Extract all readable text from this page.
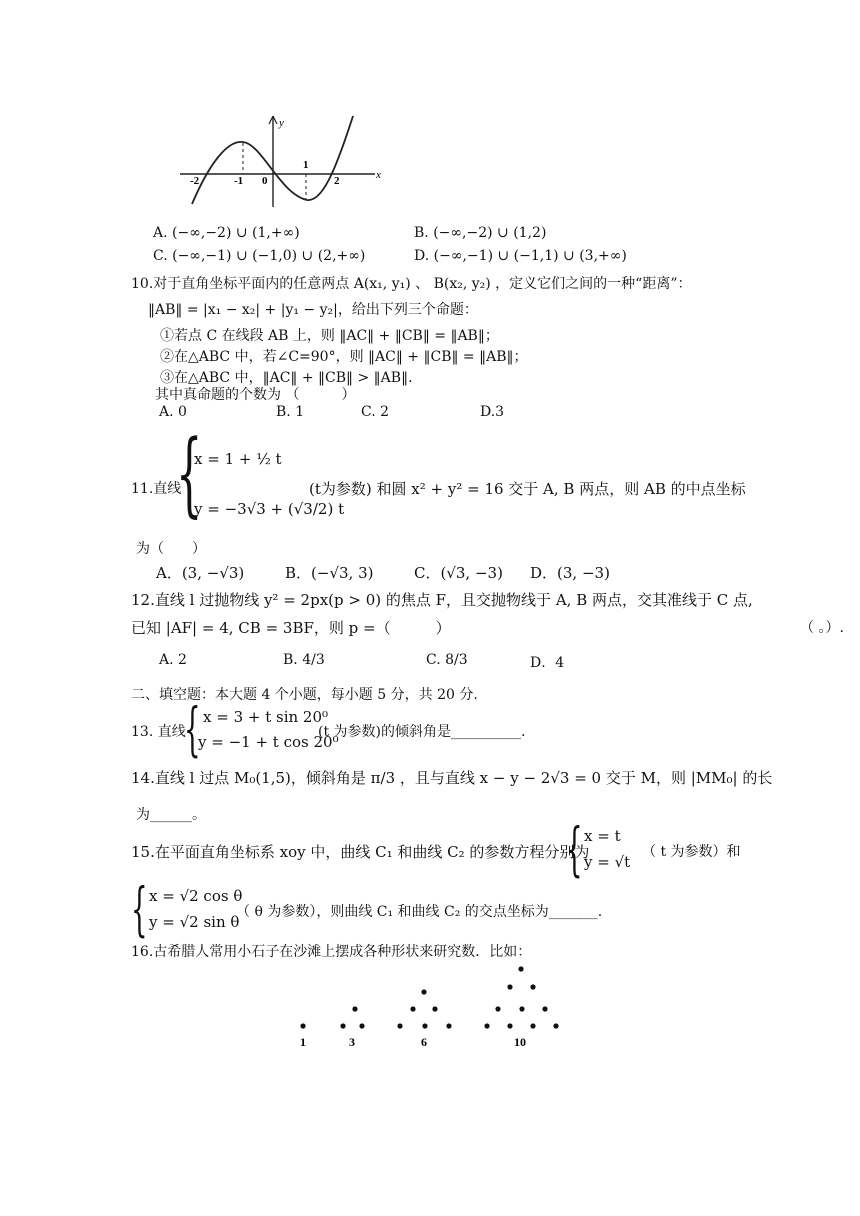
y
x
-2	-1 0
1
2
A. (−∞,−2) ∪ (1,+∞)	B. (−∞,−2) ∪ (1,2)
C. (−∞,−1) ∪ (−1,0) ∪ (2,+∞)	D. (−∞,−1) ∪ (−1,1) ∪ (3,+∞)
10.对于直角坐标平面内的任意两点 A(x₁, y₁) 、 B(x₂, y₂) ，定义它们之间的一种“距离”：
‖AB‖ = |x₁ − x₂| + |y₁ − y₂|，给出下列三个命题：
①若点 C 在线段 AB 上，则 ‖AC‖ + ‖CB‖ = ‖AB‖；
②在△ABC 中，若∠C=90°，则 ‖AC‖ + ‖CB‖ = ‖AB‖；
③在△ABC 中，‖AC‖ + ‖CB‖ > ‖AB‖.
其中真命题的个数为 （　　　）
A. 0	B. 1	C. 2	D.3
11.直线
{
x = 1 + ½ t
y = −3√3 + (√3/2) t
(t为参数) 和圆 x² + y² = 16 交于 A, B 两点，则 AB 的中点坐标
为（　　）
A．(3, −√3)	B．(−√3, 3)	C．(√3, −3) D．(3, −3)
12.直线 l 过抛物线 y² = 2px(p > 0) 的焦点 F，且交抛物线于 A, B 两点，交其准线于 C 点,
已知 |AF| = 4, CB = 3BF，则 p =（　　　）	（ 。）.
A. 2	B. 4/3	C. 8/3	D．4
二、填空题：本大题 4 个小题，每小题 5 分，共 20 分.
13. 直线
{ x = 3 + t sin 20⁰
y = −1 + t cos 20⁰
(t 为参数)的倾斜角是__________.
14.直线 l 过点 M₀(1,5)，倾斜角是 π/3 ，且与直线 x − y − 2√3 = 0 交于 M，则 |MM₀| 的长
为______。
15.在平面直角坐标系 xoy 中，曲线 C₁ 和曲线 C₂ 的参数方程分别为
{ x = t
y = √t
（ t 为参数）和
{ x = √2 cos θ
y = √2 sin θ
（ θ 为参数），则曲线 C₁ 和曲线 C₂ 的交点坐标为_______.
16.古希腊人常用小石子在沙滩上摆成各种形状来研究数．比如：
1	3	6	10
